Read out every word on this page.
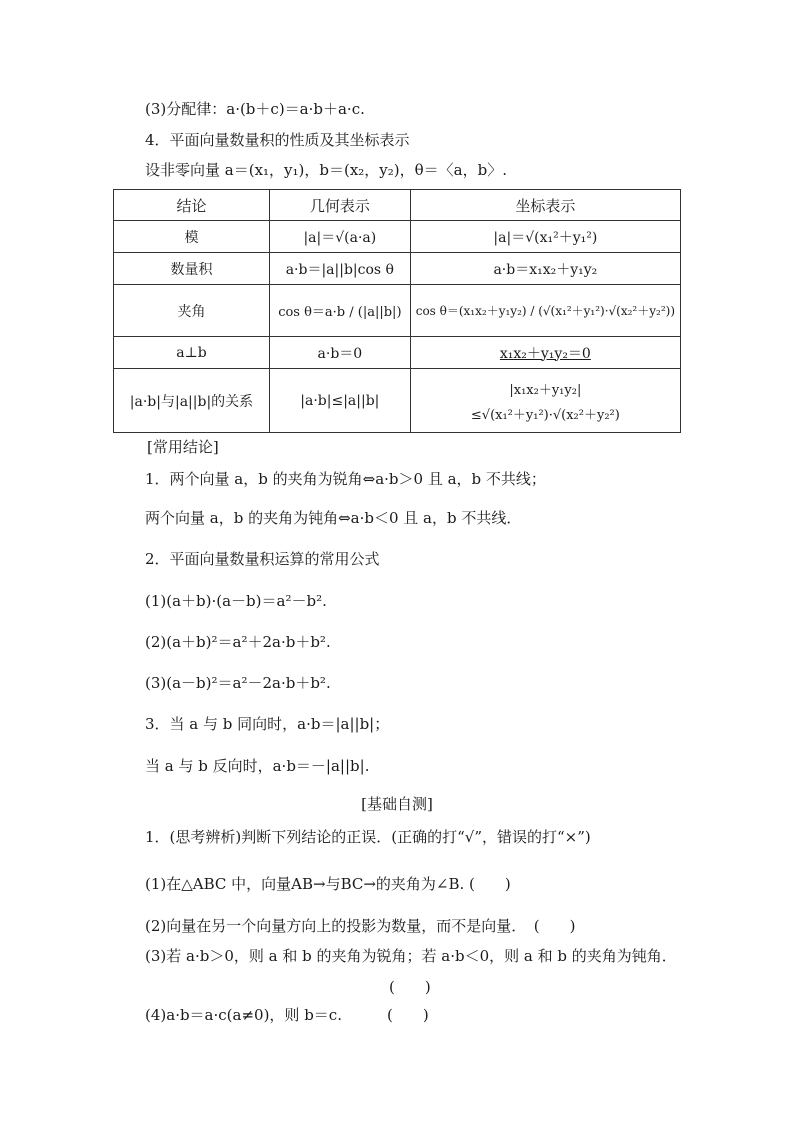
(3)分配律：a·(b＋c)＝a·b＋a·c.
4．平面向量数量积的性质及其坐标表示
设非零向量 a＝(x₁，y₁)，b＝(x₂，y₂)，θ＝〈a，b〉.
结论	几何表示	坐标表示
模	|a|＝√(a·a)	|a|＝√(x₁²＋y₁²)
数量积	a·b＝|a||b|cos θ	a·b＝x₁x₂＋y₁y₂
夹角	cos θ＝a·b / (|a||b|)	cos θ＝(x₁x₂＋y₁y₂) / (√(x₁²＋y₁²)·√(x₂²＋y₂²))
a⊥b	a·b＝0	x₁x₂＋y₁y₂＝0
|a·b|与|a||b|的关系	|a·b|≤|a||b|	|x₁x₂＋y₁y₂|
≤√(x₁²＋y₁²)·√(x₂²＋y₂²)
[常用结论]
1．两个向量 a，b 的夹角为锐角⇔a·b＞0 且 a，b 不共线；
两个向量 a，b 的夹角为钝角⇔a·b＜0 且 a，b 不共线．
2．平面向量数量积运算的常用公式
(1)(a＋b)·(a－b)＝a²－b².
(2)(a＋b)²＝a²＋2a·b＋b².
(3)(a－b)²＝a²－2a·b＋b².
3．当 a 与 b 同向时，a·b＝|a||b|；
当 a 与 b 反向时，a·b＝－|a||b|.
[基础自测]
1．(思考辨析)判断下列结论的正误．(正确的打“√”，错误的打“×”)
(1)在△ABC 中，向量AB→与BC→的夹角为∠B. (　　)
(2)向量在另一个向量方向上的投影为数量，而不是向量．　(　　)
(3)若 a·b＞0，则 a 和 b 的夹角为锐角；若 a·b＜0，则 a 和 b 的夹角为钝角．
(　　)
(4)a·b＝a·c(a≠0)，则 b＝c.　　　(　　)
